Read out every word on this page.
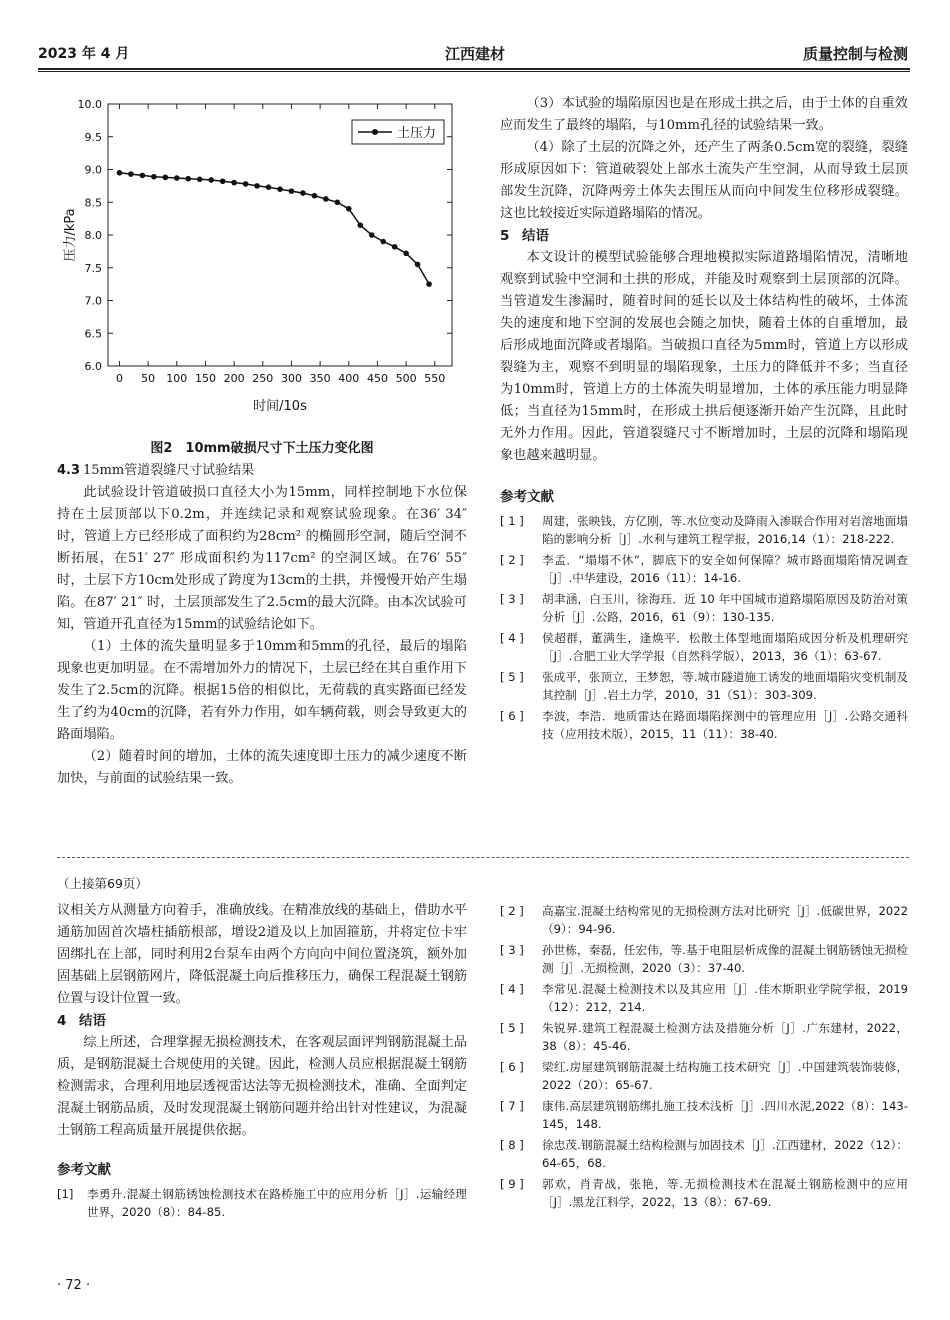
2023 年 4 月	江西建材	质量控制与检测
6.0
6.5
7.0
7.5
8.0
8.5
9.0
9.5
10.0
0 50 100 150 200 250 300 350 400 450 500 550
土压力
时间/10s
压力/kPa
图2　10mm破损尺寸下土压力变化图
4.3 15mm管道裂缝尺寸试验结果

此试验设计管道破损口直径大小为15mm，同样控制地下水位保持在土层顶部以下0.2m，并连续记录和观察试验现象。在36′ 34″ 时，管道上方已经形成了面积约为28cm² 的椭圆形空洞，随后空洞不断拓展，在51′ 27″ 形成面积约为117cm² 的空洞区域。在76′ 55″ 时，土层下方10cm处形成了跨度为13cm的土拱，并慢慢开始产生塌陷。在87′ 21″ 时，土层顶部发生了2.5cm的最大沉降。由本次试验可知，管道开孔直径为15mm的试验结论如下。

（1）土体的流失量明显多于10mm和5mm的孔径，最后的塌陷现象也更加明显。在不需增加外力的情况下，土层已经在其自重作用下发生了2.5cm的沉降。根据15倍的相似比，无荷载的真实路面已经发生了约为40cm的沉降，若有外力作用，如车辆荷载，则会导致更大的路面塌陷。

（2）随着时间的增加，土体的流失速度即土压力的减少速度不断加快，与前面的试验结果一致。

（3）本试验的塌陷原因也是在形成土拱之后，由于土体的自重效应而发生了最终的塌陷，与10mm孔径的试验结果一致。

（4）除了土层的沉降之外，还产生了两条0.5cm宽的裂缝，裂缝形成原因如下：管道破裂处上部水土流失产生空洞，从而导致土层顶部发生沉降，沉降两旁土体失去围压从而向中间发生位移形成裂缝。这也比较接近实际道路塌陷的情况。

5 结语

本文设计的模型试验能够合理地模拟实际道路塌陷情况，清晰地观察到试验中空洞和土拱的形成，并能及时观察到土层顶部的沉降。当管道发生渗漏时，随着时间的延长以及土体结构性的破坏，土体流失的速度和地下空洞的发展也会随之加快，随着土体的自重增加，最后形成地面沉降或者塌陷。当破损口直径为5mm时，管道上方以形成裂缝为主，观察不到明显的塌陷现象，土压力的降低并不多；当直径为10mm时，管道上方的土体流失明显增加，土体的承压能力明显降低；当直径为15mm时，在形成土拱后便逐渐开始产生沉降，且此时无外力作用。因此，管道裂缝尺寸不断增加时，土层的沉降和塌陷现象也越来越明显。

参考文献
[ 1 ] 周建，张映钱，方亿刚，等.水位变动及降雨入渗联合作用对岩溶地面塌陷的影响分析［J］.水利与建筑工程学报，2016,14（1）：218-222.
[ 2 ] 李孟．“塌塌不休”，脚底下的安全如何保障？城市路面塌陷情况调查［J］.中华建设，2016（11）：14-16.
[ 3 ] 胡聿涵，白玉川，徐海珏．近 10 年中国城市道路塌陷原因及防治对策分析［J］.公路，2016，61（9）：130-135.
[ 4 ] 侯超群，董满生，逢焕平．松散土体型地面塌陷成因分析及机理研究［J］.合肥工业大学学报（自然科学版），2013，36（1）：63-67.
[ 5 ] 张成平，张顶立，王梦恕，等.城市隧道施工诱发的地面塌陷灾变机制及其控制［J］.岩土力学，2010，31（S1）：303-309.
[ 6 ] 李波，李浩．地质雷达在路面塌陷探测中的管理应用［J］.公路交通科技（应用技术版），2015，11（11）：38-40.
（上接第69页）

议相关方从测量方向着手，准确放线。在精准放线的基础上，借助水平通筋加固首次墙柱插筋根部，增设2道及以上加固箍筋，并将定位卡牢固绑扎在上部，同时利用2台泵车由两个方向向中间位置浇筑，额外加固基础上层钢筋网片，降低混凝土向后推移压力，确保工程混凝土钢筋位置与设计位置一致。

4 结语

综上所述，合理掌握无损检测技术，在客观层面评判钢筋混凝土品质，是钢筋混凝土合规使用的关键。因此，检测人员应根据混凝土钢筋检测需求，合理利用地层透视雷达法等无损检测技术，准确、全面判定混凝土钢筋品质，及时发现混凝土钢筋问题并给出针对性建议，为混凝土钢筋工程高质量开展提供依据。

参考文献
[1] 李勇升.混凝土钢筋锈蚀检测技术在路桥施工中的应用分析［J］.运输经理世界，2020（8）：84-85.
[ 2 ] 高嘉宝.混凝土结构常见的无损检测方法对比研究［J］.低碳世界，2022（9）：94-96.
[ 3 ] 孙世栋，秦磊，任宏伟，等.基于电阻层析成像的混凝土钢筋锈蚀无损检测［J］.无损检测，2020（3）：37-40.
[ 4 ] 李常见.混凝土检测技术以及其应用［J］.佳木斯职业学院学报，2019（12）：212，214.
[ 5 ] 朱锐昇.建筑工程混凝土检测方法及措施分析［J］.广东建材，2022，38（8）：45-46.
[ 6 ] 梁红.房屋建筑钢筋混凝土结构施工技术研究［J］.中国建筑装饰装修，2022（20）：65-67.
[ 7 ] 康伟.高层建筑钢筋绑扎施工技术浅析［J］.四川水泥,2022（8）：143-145，148.
[ 8 ] 徐忠茂.钢筋混凝土结构检测与加固技术［J］.江西建材，2022（12）：64-65，68.
[ 9 ] 郭欢，肖青战，张艳，等.无损检测技术在混凝土钢筋检测中的应用［J］.黑龙江科学，2022，13（8）：67-69.
· 72 ·
